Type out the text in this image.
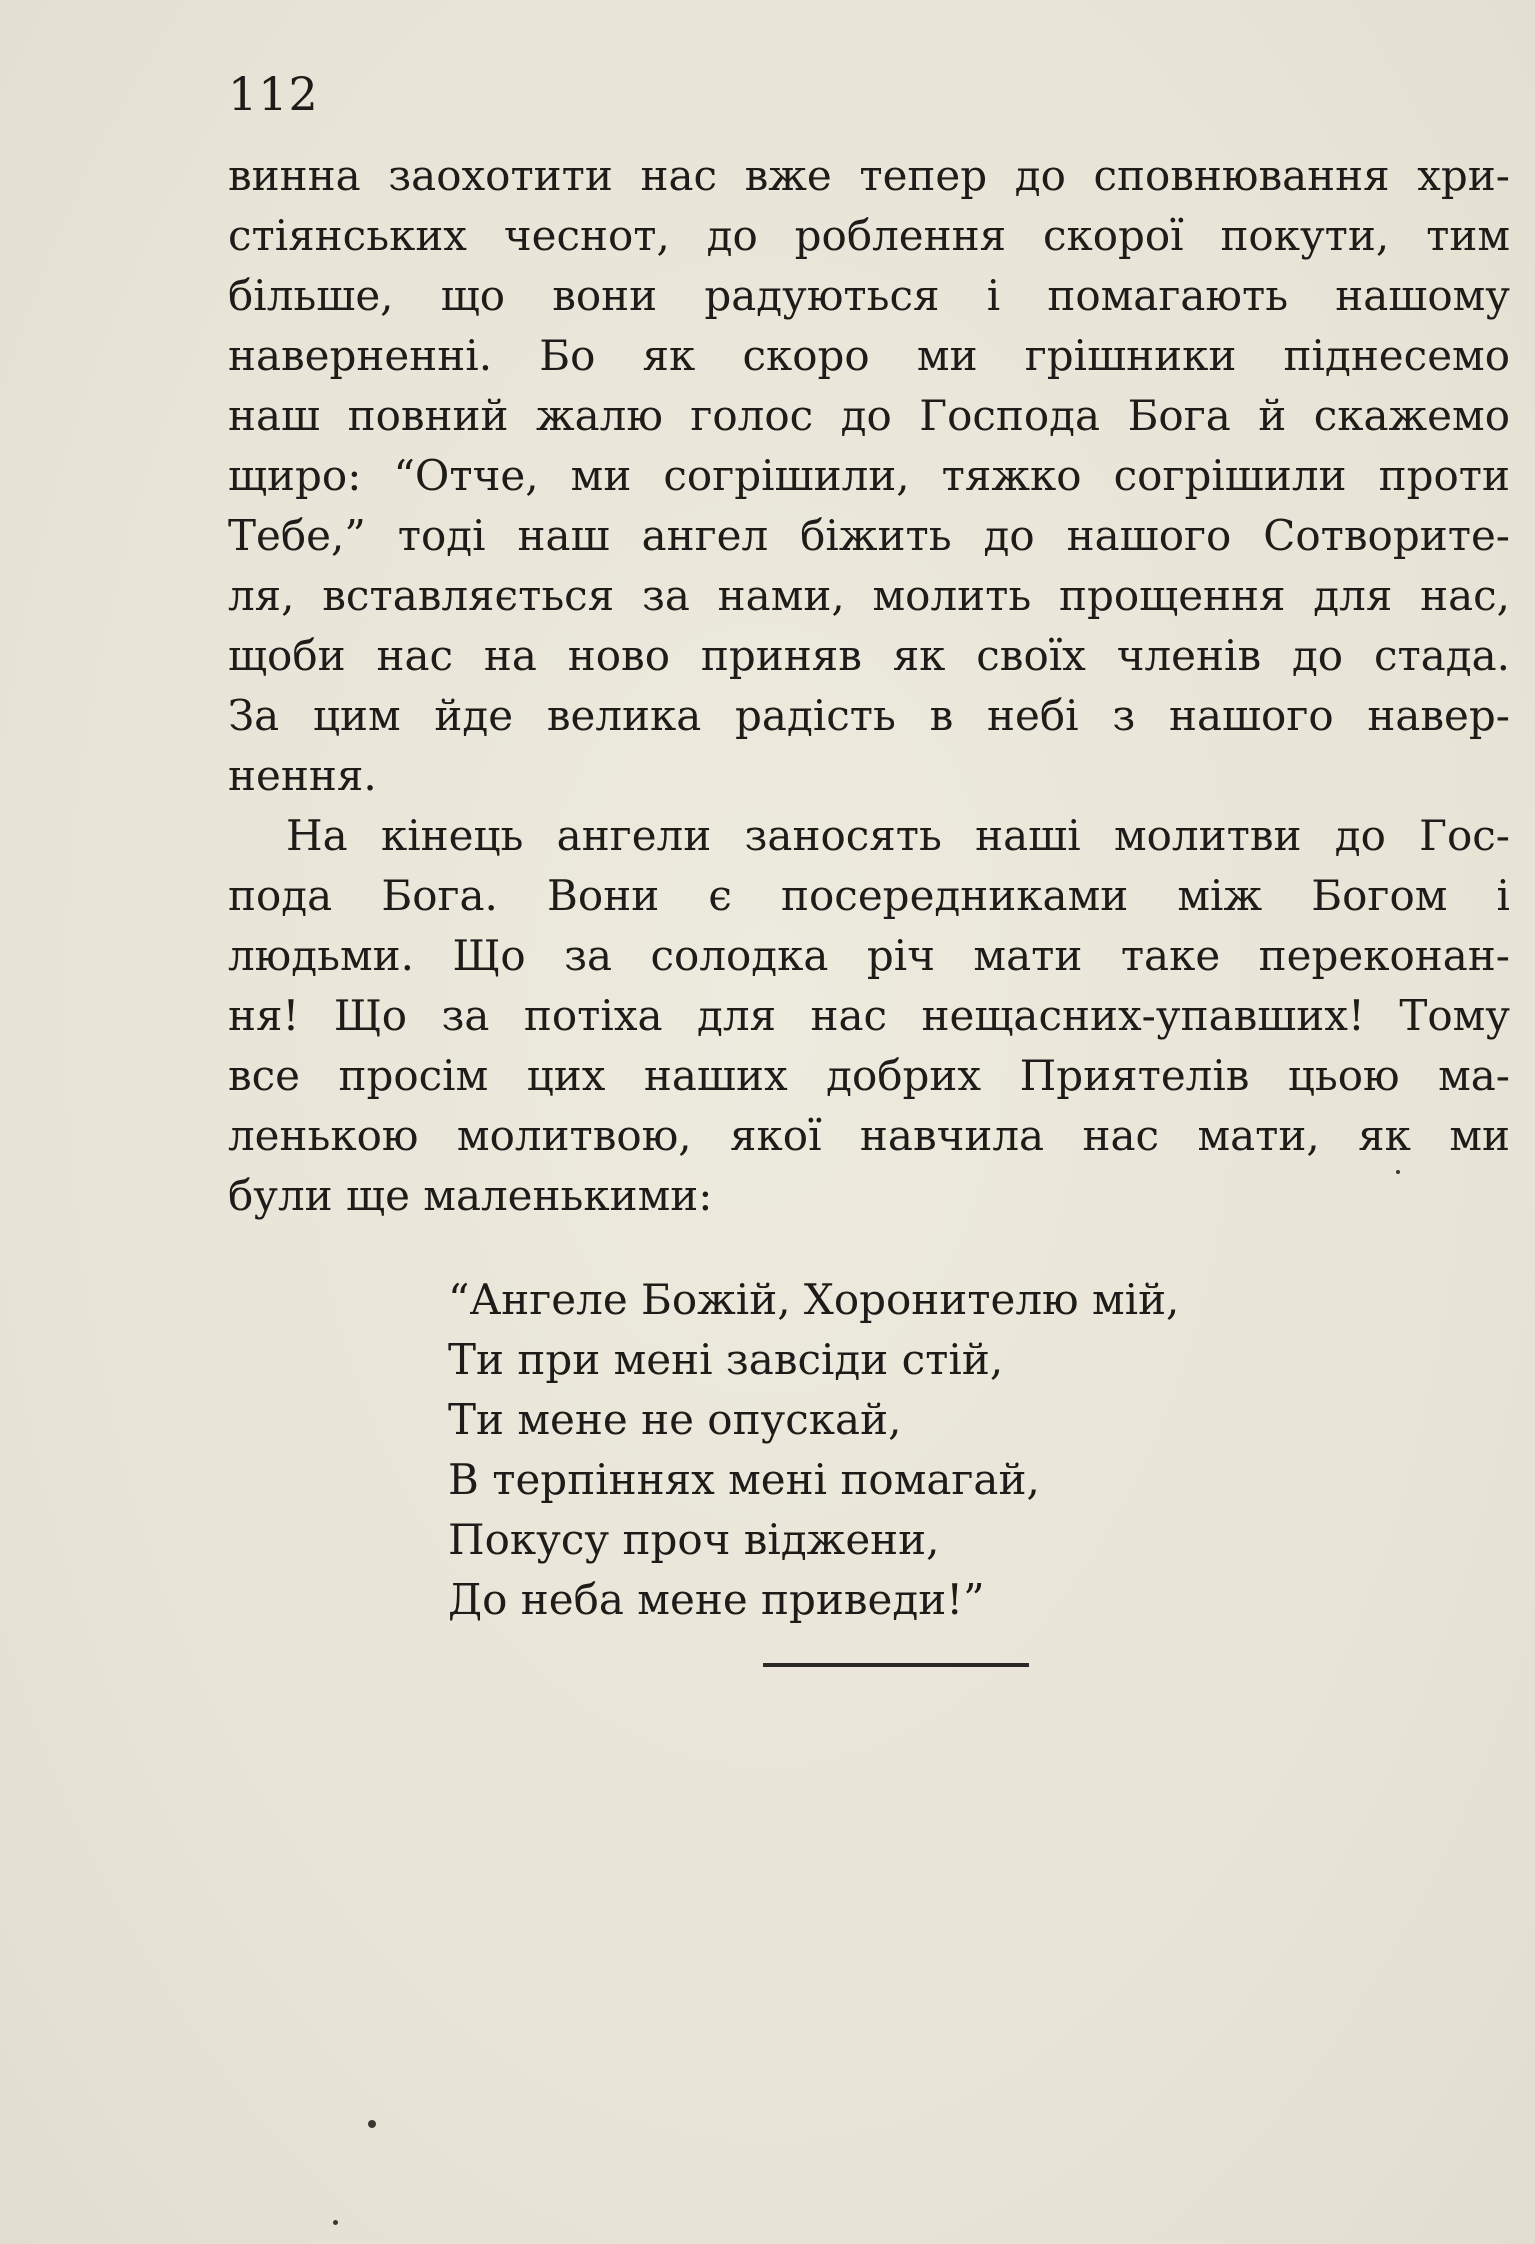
112
винна заохотити нас вже тепер до сповнювання хри-
стіянських чеснот, до роблення скорої покути, тим
більше, що вони радуються і помагають нашому
наверненні. Бо як скоро ми грішники піднесемо
наш повний жалю голос до Господа Бога й скажемо
щиро: “Отче, ми согрішили, тяжко согрішили проти
Тебе,” тоді наш ангел біжить до нашого Сотворите-
ля, вставляється за нами, молить прощення для нас,
щоби нас на ново приняв як своїх членів до стада.
За цим йде велика радість в небі з нашого навер-
нення.
На кінець ангели заносять наші молитви до Гос-
пода Бога. Вони є посередниками між Богом і
людьми. Що за солодка річ мати таке переконан-
ня! Що за потіха для нас нещасних-упавших! Тому
все просім цих наших добрих Приятелів цьою ма-
ленькою молитвою, якої навчила нас мати, як ми
були ще маленькими:
“Ангеле Божій, Хоронителю мій,
Ти при мені завсіди стій,
Ти мене не опускай,
В терпіннях мені помагай,
Покусу проч віджени,
До неба мене приведи!”
